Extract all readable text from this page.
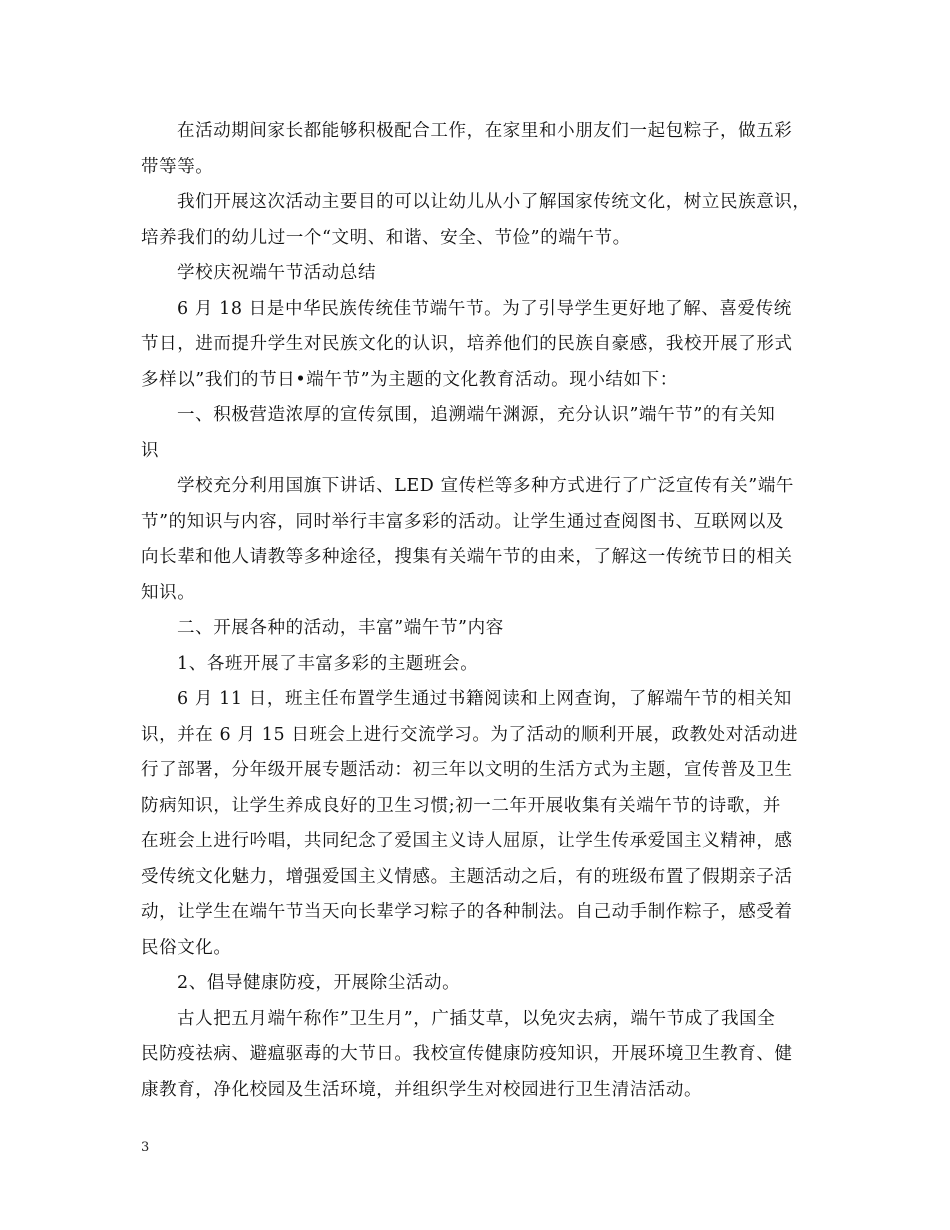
在活动期间家长都能够积极配合工作，在家里和小朋友们一起包粽子，做五彩
带等等。

我们开展这次活动主要目的可以让幼儿从小了解国家传统文化，树立民族意识，
培养我们的幼儿过一个“文明、和谐、安全、节俭”的端午节。

学校庆祝端午节活动总结

6 月 18 日是中华民族传统佳节端午节。为了引导学生更好地了解、喜爱传统
节日，进而提升学生对民族文化的认识，培养他们的民族自豪感，我校开展了形式
多样以”我们的节日•端午节”为主题的文化教育活动。现小结如下：

一、积极营造浓厚的宣传氛围，追溯端午渊源，充分认识”端午节”的有关知
识

学校充分利用国旗下讲话、LED 宣传栏等多种方式进行了广泛宣传有关”端午
节”的知识与内容，同时举行丰富多彩的活动。让学生通过查阅图书、互联网以及
向长辈和他人请教等多种途径，搜集有关端午节的由来，了解这一传统节日的相关
知识。

二、开展各种的活动，丰富”端午节”内容

1、各班开展了丰富多彩的主题班会。

6 月 11 日，班主任布置学生通过书籍阅读和上网查询，了解端午节的相关知
识，并在 6 月 15 日班会上进行交流学习。为了活动的顺利开展，政教处对活动进
行了部署，分年级开展专题活动：初三年以文明的生活方式为主题，宣传普及卫生
防病知识，让学生养成良好的卫生习惯;初一二年开展收集有关端午节的诗歌，并
在班会上进行吟唱，共同纪念了爱国主义诗人屈原，让学生传承爱国主义精神，感
受传统文化魅力，增强爱国主义情感。主题活动之后，有的班级布置了假期亲子活
动，让学生在端午节当天向长辈学习粽子的各种制法。自己动手制作粽子，感受着
民俗文化。

2、倡导健康防疫，开展除尘活动。

古人把五月端午称作”卫生月”，广插艾草，以免灾去病，端午节成了我国全
民防疫祛病、避瘟驱毒的大节日。我校宣传健康防疫知识，开展环境卫生教育、健
康教育，净化校园及生活环境，并组织学生对校园进行卫生清洁活动。

3
